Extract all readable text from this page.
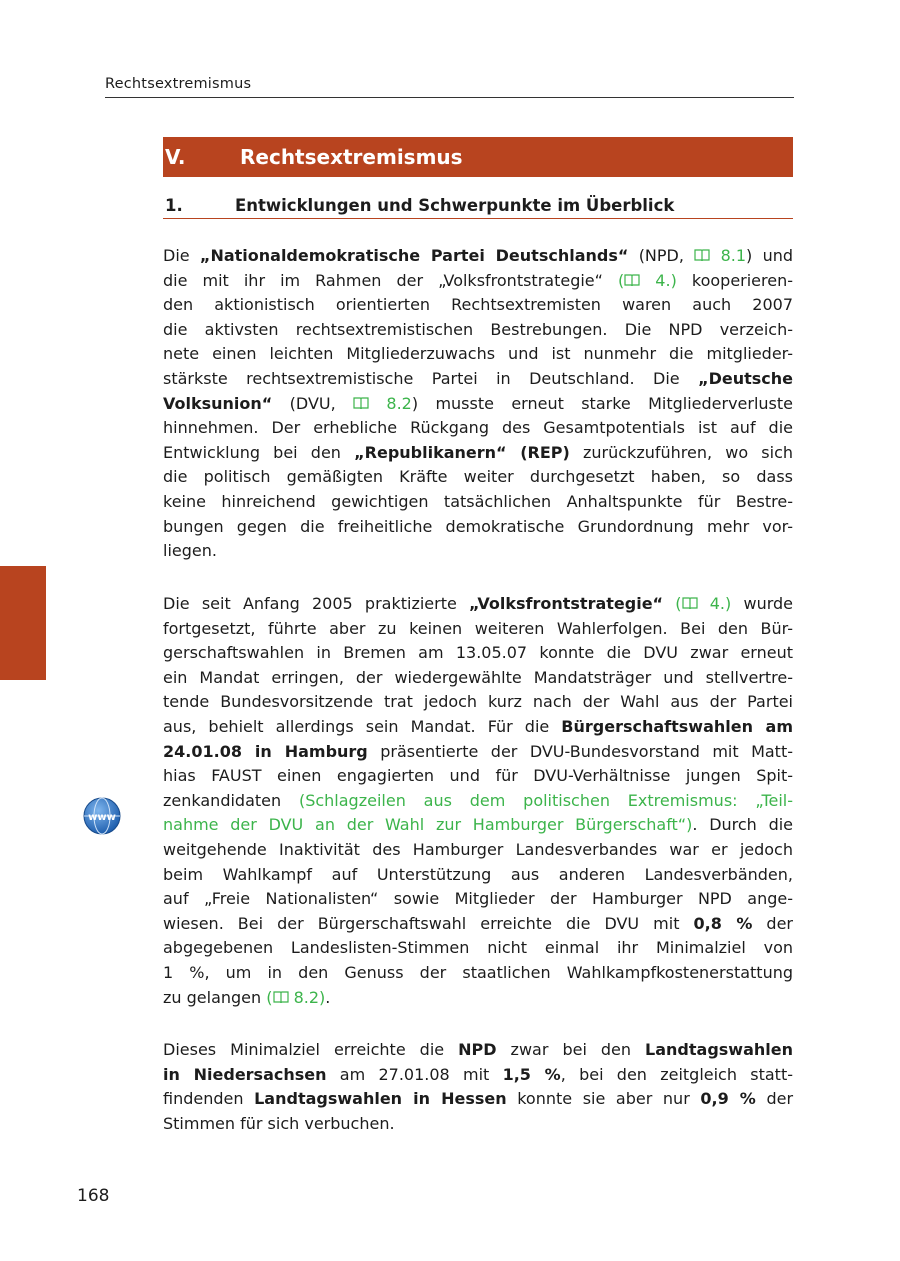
Rechtsextremismus
V.	Rechtsextremismus
1.	Entwicklungen und Schwerpunkte im Überblick
Die „Nationaldemokratische Partei Deutschlands“ (NPD,  8.1) und
die mit ihr im Rahmen der „Volksfrontstrategie“ ( 4.) kooperieren-
den aktionistisch orientierten Rechtsextremisten waren auch 2007
die aktivsten rechtsextremistischen Bestrebungen. Die NPD verzeich-
nete einen leichten Mitgliederzuwachs und ist nunmehr die mitglieder-
stärkste rechtsextremistische Partei in Deutschland. Die „Deutsche
Volksunion“ (DVU,  8.2) musste erneut starke Mitgliederverluste
hinnehmen. Der erhebliche Rückgang des Gesamtpotentials ist auf die
Entwicklung bei den „Republikanern“ (REP) zurückzuführen, wo sich
die politisch gemäßigten Kräfte weiter durchgesetzt haben, so dass
keine hinreichend gewichtigen tatsächlichen Anhaltspunkte für Bestre-
bungen gegen die freiheitliche demokratische Grundordnung mehr vor-
liegen.
Die seit Anfang 2005 praktizierte „Volksfrontstrategie“ ( 4.) wurde
fortgesetzt, führte aber zu keinen weiteren Wahlerfolgen. Bei den Bür-
gerschaftswahlen in Bremen am 13.05.07 konnte die DVU zwar erneut
ein Mandat erringen, der wiedergewählte Mandatsträger und stellvertre-
tende Bundesvorsitzende trat jedoch kurz nach der Wahl aus der Partei
aus, behielt allerdings sein Mandat. Für die Bürgerschaftswahlen am
24.01.08 in Hamburg präsentierte der DVU-Bundesvorstand mit Matt-
hias FAUST einen engagierten und für DVU-Verhältnisse jungen Spit-
zenkandidaten (Schlagzeilen aus dem politischen Extremismus: „Teil-
nahme der DVU an der Wahl zur Hamburger Bürgerschaft“). Durch die
weitgehende Inaktivität des Hamburger Landesverbandes war er jedoch
beim Wahlkampf auf Unterstützung aus anderen Landesverbänden,
auf „Freie Nationalisten“ sowie Mitglieder der Hamburger NPD ange-
wiesen. Bei der Bürgerschaftswahl erreichte die DVU mit 0,8 % der
abgegebenen Landeslisten-Stimmen nicht einmal ihr Minimalziel von
1 %, um in den Genuss der staatlichen Wahlkampfkostenerstattung
zu gelangen ( 8.2).
Dieses Minimalziel erreichte die NPD zwar bei den Landtagswahlen
in Niedersachsen am 27.01.08 mit 1,5 %, bei den zeitgleich statt-
findenden Landtagswahlen in Hessen konnte sie aber nur 0,9 % der
Stimmen für sich verbuchen.
www
168
